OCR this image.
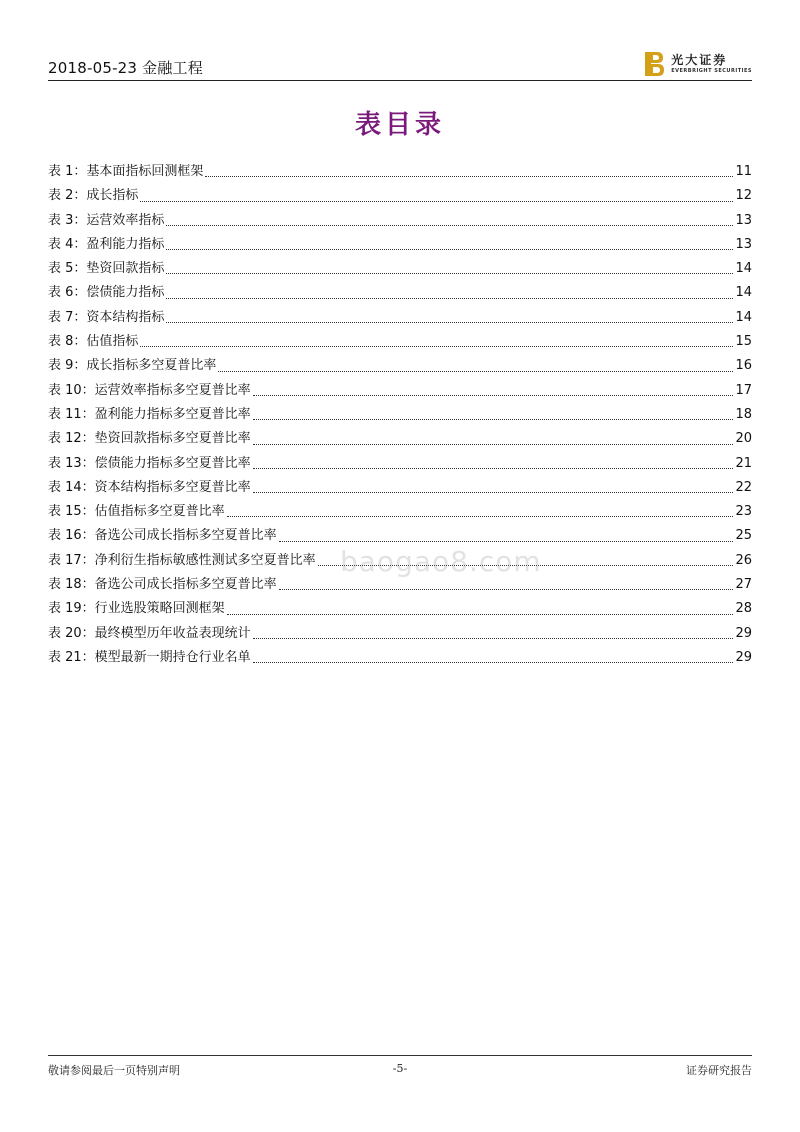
2018-05-23 金融工程	光大证券
EVERBRIGHT SECURITIES
表目录
表 1：基本面指标回测框架	11
表 2：成长指标	12
表 3：运营效率指标	13
表 4：盈利能力指标	13
表 5：垫资回款指标	14
表 6：偿债能力指标	14
表 7：资本结构指标	14
表 8：估值指标	15
表 9：成长指标多空夏普比率	16
表 10：运营效率指标多空夏普比率	17
表 11：盈利能力指标多空夏普比率	18
表 12：垫资回款指标多空夏普比率	20
表 13：偿债能力指标多空夏普比率	21
表 14：资本结构指标多空夏普比率	22
表 15：估值指标多空夏普比率	23
表 16：备选公司成长指标多空夏普比率	25
表 17：净利衍生指标敏感性测试多空夏普比率	26
表 18：备选公司成长指标多空夏普比率	27
表 19：行业选股策略回测框架	28
表 20：最终模型历年收益表现统计	29
表 21：模型最新一期持仓行业名单	29
baogao8.com
敬请参阅最后一页特别声明	-5-	证券研究报告
